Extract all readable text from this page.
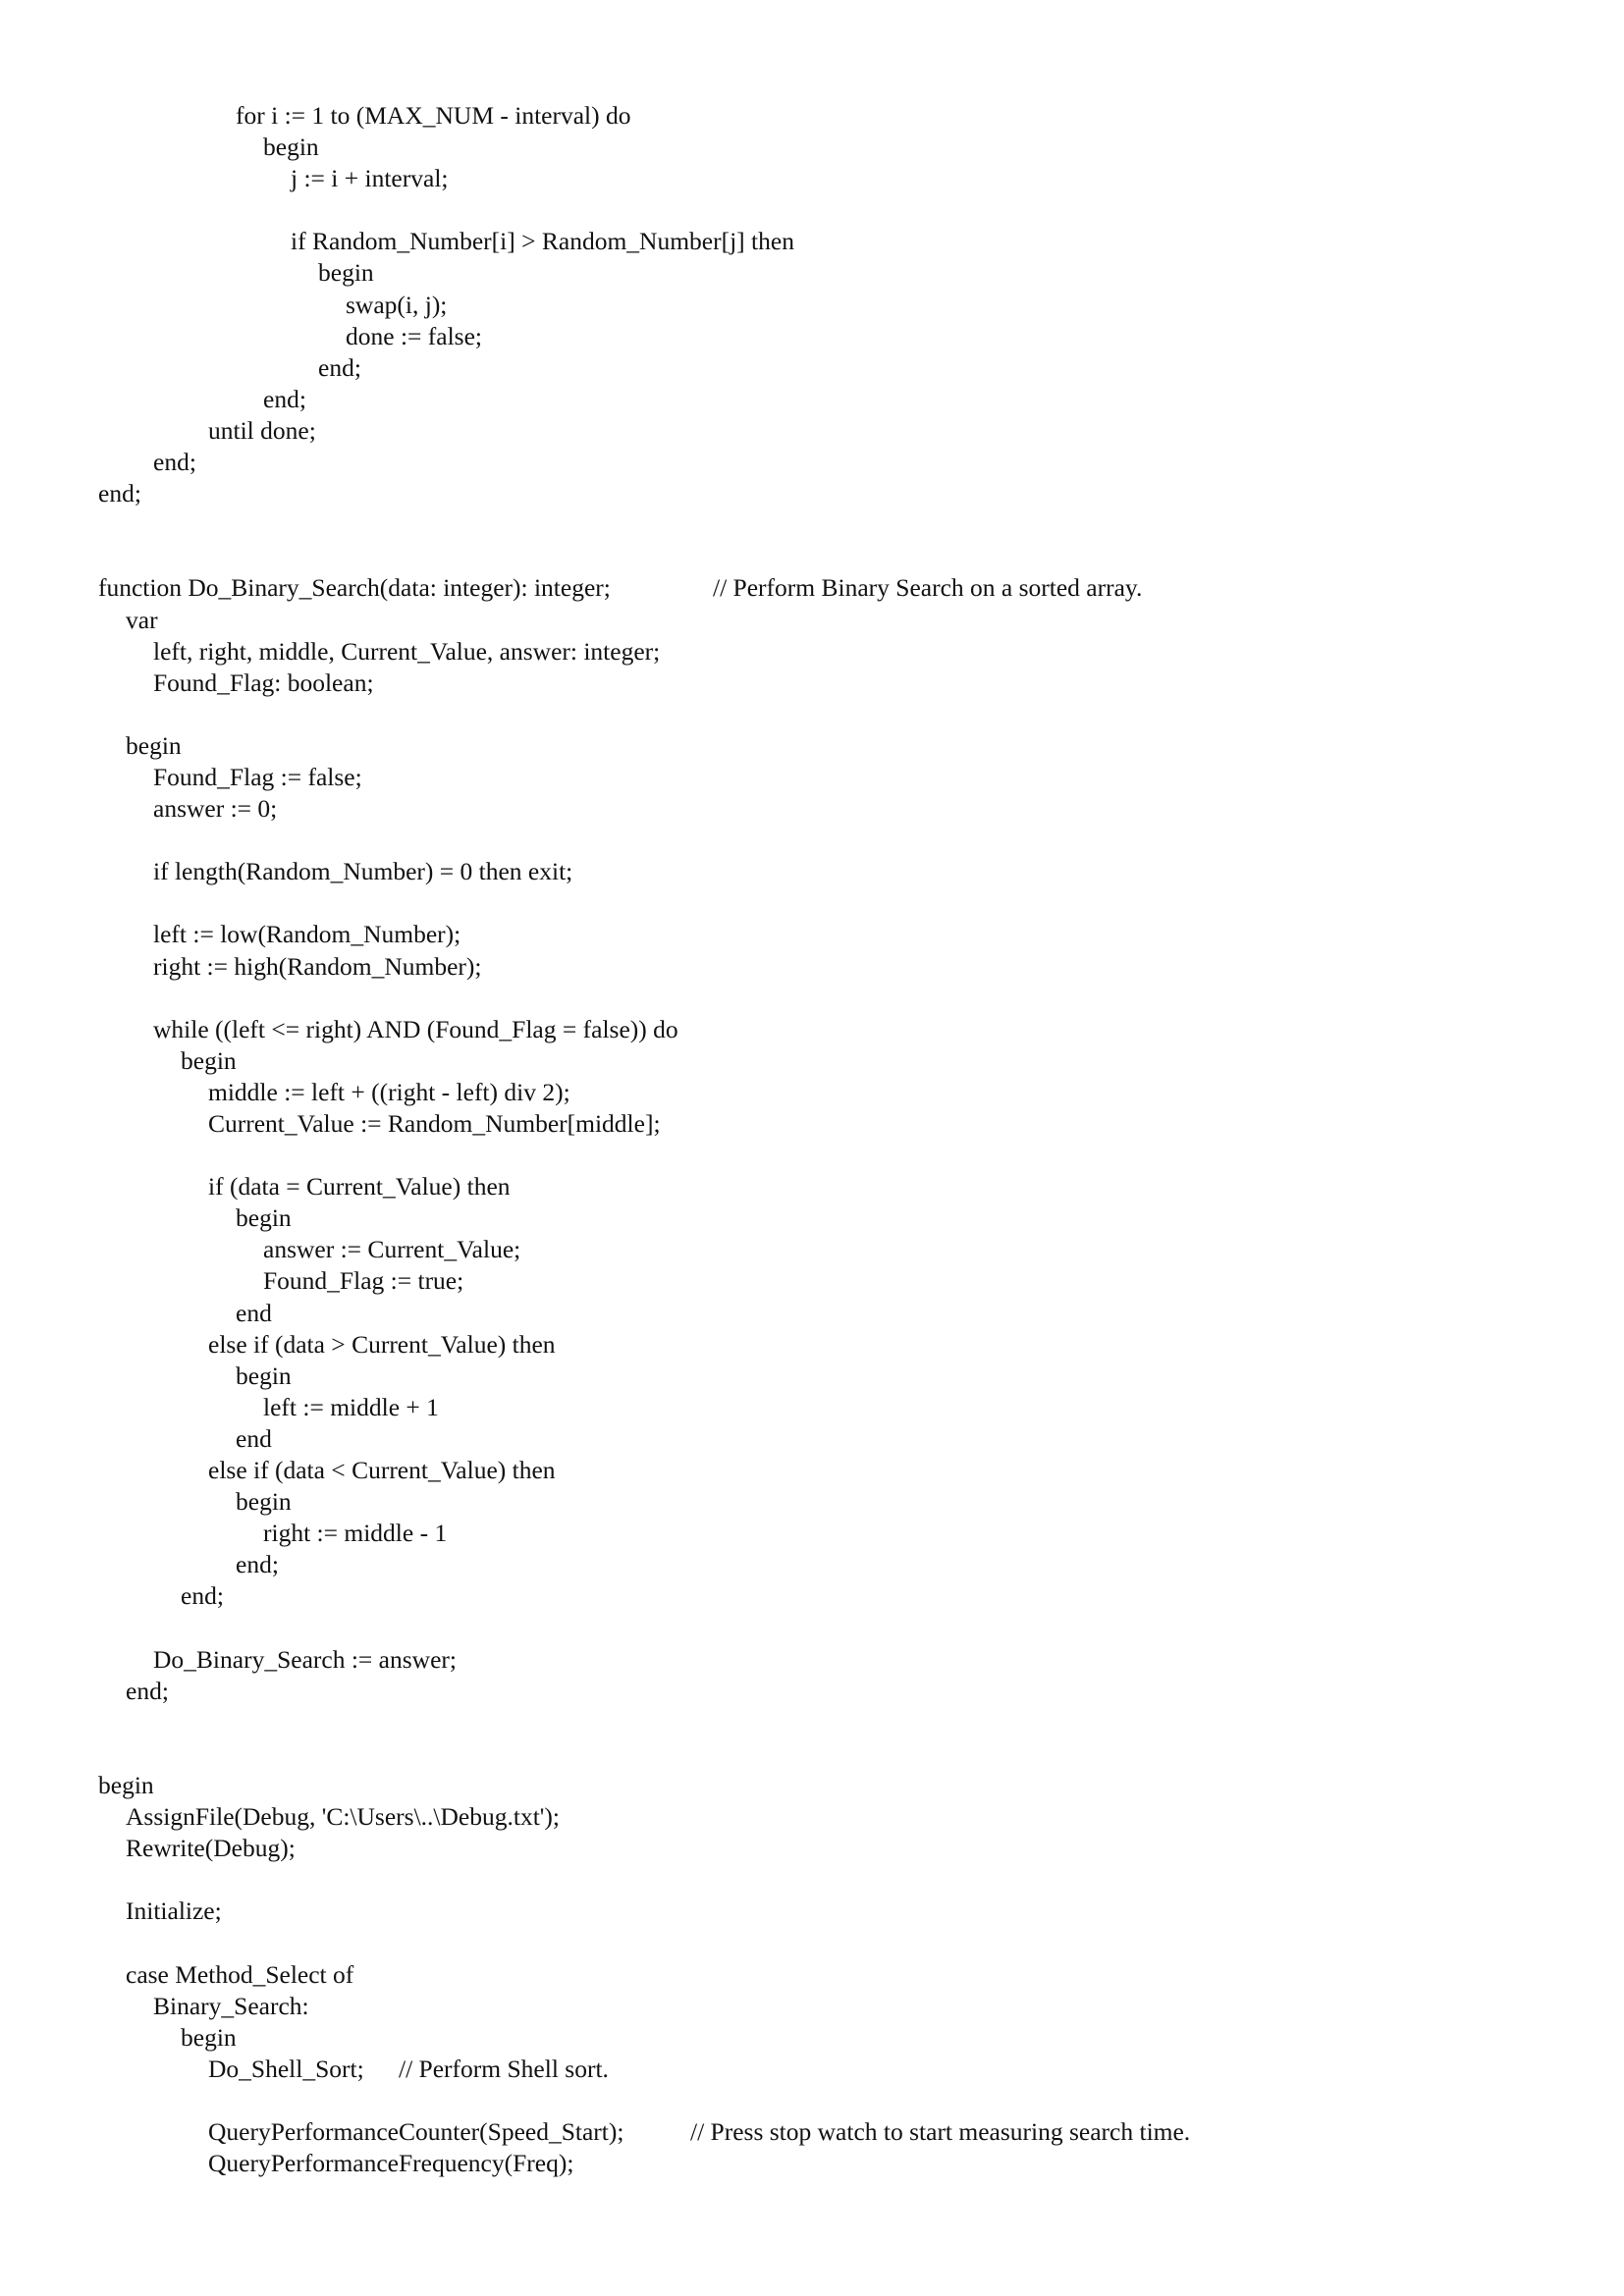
for i := 1 to (MAX_NUM - interval) do
begin
j := i + interval;
if Random_Number[i] > Random_Number[j] then
begin
swap(i, j);
done := false;
end;
end;
until done;
end;
end;
function Do_Binary_Search(data: integer): integer;	// Perform Binary Search on a sorted array.
var
left, right, middle, Current_Value, answer: integer;
Found_Flag: boolean;
begin
Found_Flag := false;
answer := 0;
if length(Random_Number) = 0 then exit;
left := low(Random_Number);
right := high(Random_Number);
while ((left <= right) AND (Found_Flag = false)) do
begin
middle := left + ((right - left) div 2);
Current_Value := Random_Number[middle];
if (data = Current_Value) then
begin
answer := Current_Value;
Found_Flag := true;
end
else if (data > Current_Value) then
begin
left := middle + 1
end
else if (data < Current_Value) then
begin
right := middle - 1
end;
end;
Do_Binary_Search := answer;
end;
begin
AssignFile(Debug, 'C:\Users\..\Debug.txt');
Rewrite(Debug);
Initialize;
case Method_Select of
Binary_Search:
begin
Do_Shell_Sort; // Perform Shell sort.
QueryPerformanceCounter(Speed_Start);	// Press stop watch to start measuring search time.
QueryPerformanceFrequency(Freq);
